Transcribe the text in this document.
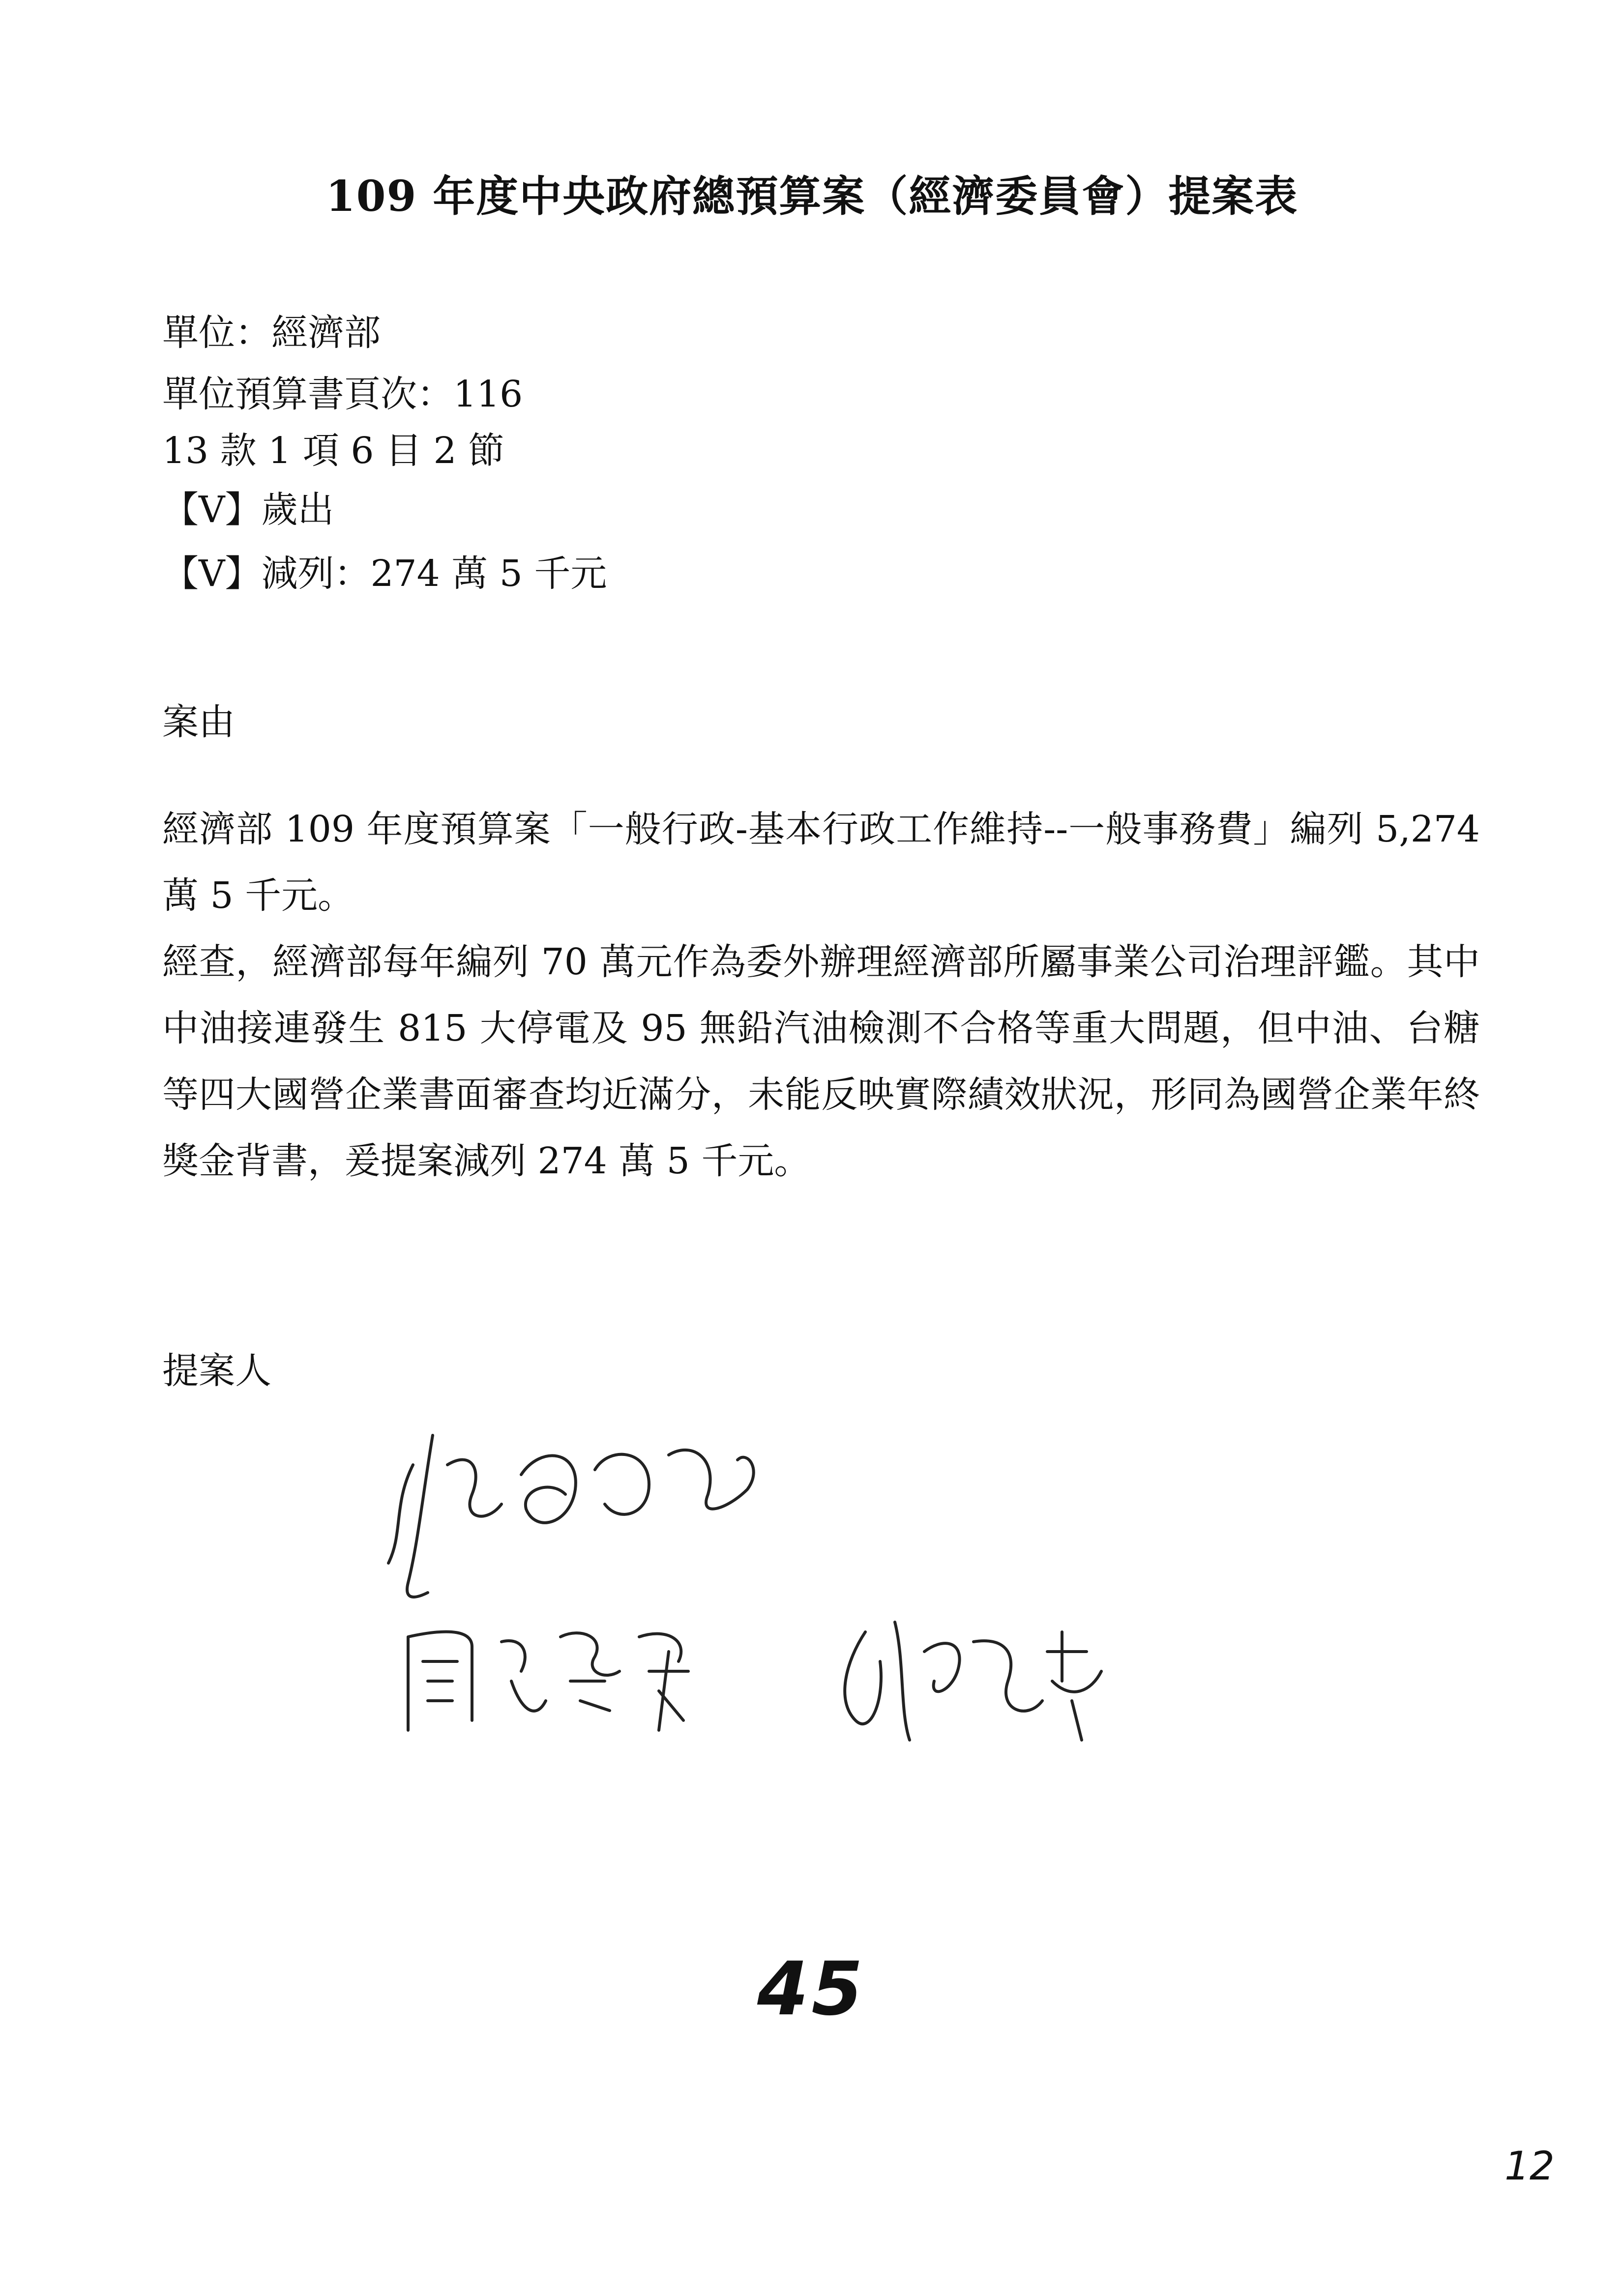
109 年度中央政府總預算案（經濟委員會）提案表
單位：經濟部
單位預算書頁次：116
13 款 1 項 6 目 2 節
【V】歲出
【V】減列：274 萬 5 千元
案由

經濟部 109 年度預算案「一般行政-基本行政工作維持--一般事務費」編列 5,274 萬 5 千元。

經查，經濟部每年編列 70 萬元作為委外辦理經濟部所屬事業公司治理評鑑。其中中油接連發生 815 大停電及 95 無鉛汽油檢測不合格等重大問題，但中油、台糖等四大國營企業書面審查均近滿分，未能反映實際績效狀況，形同為國營企業年終獎金背書，爰提案減列 274 萬 5 千元。

提案人
45
12
